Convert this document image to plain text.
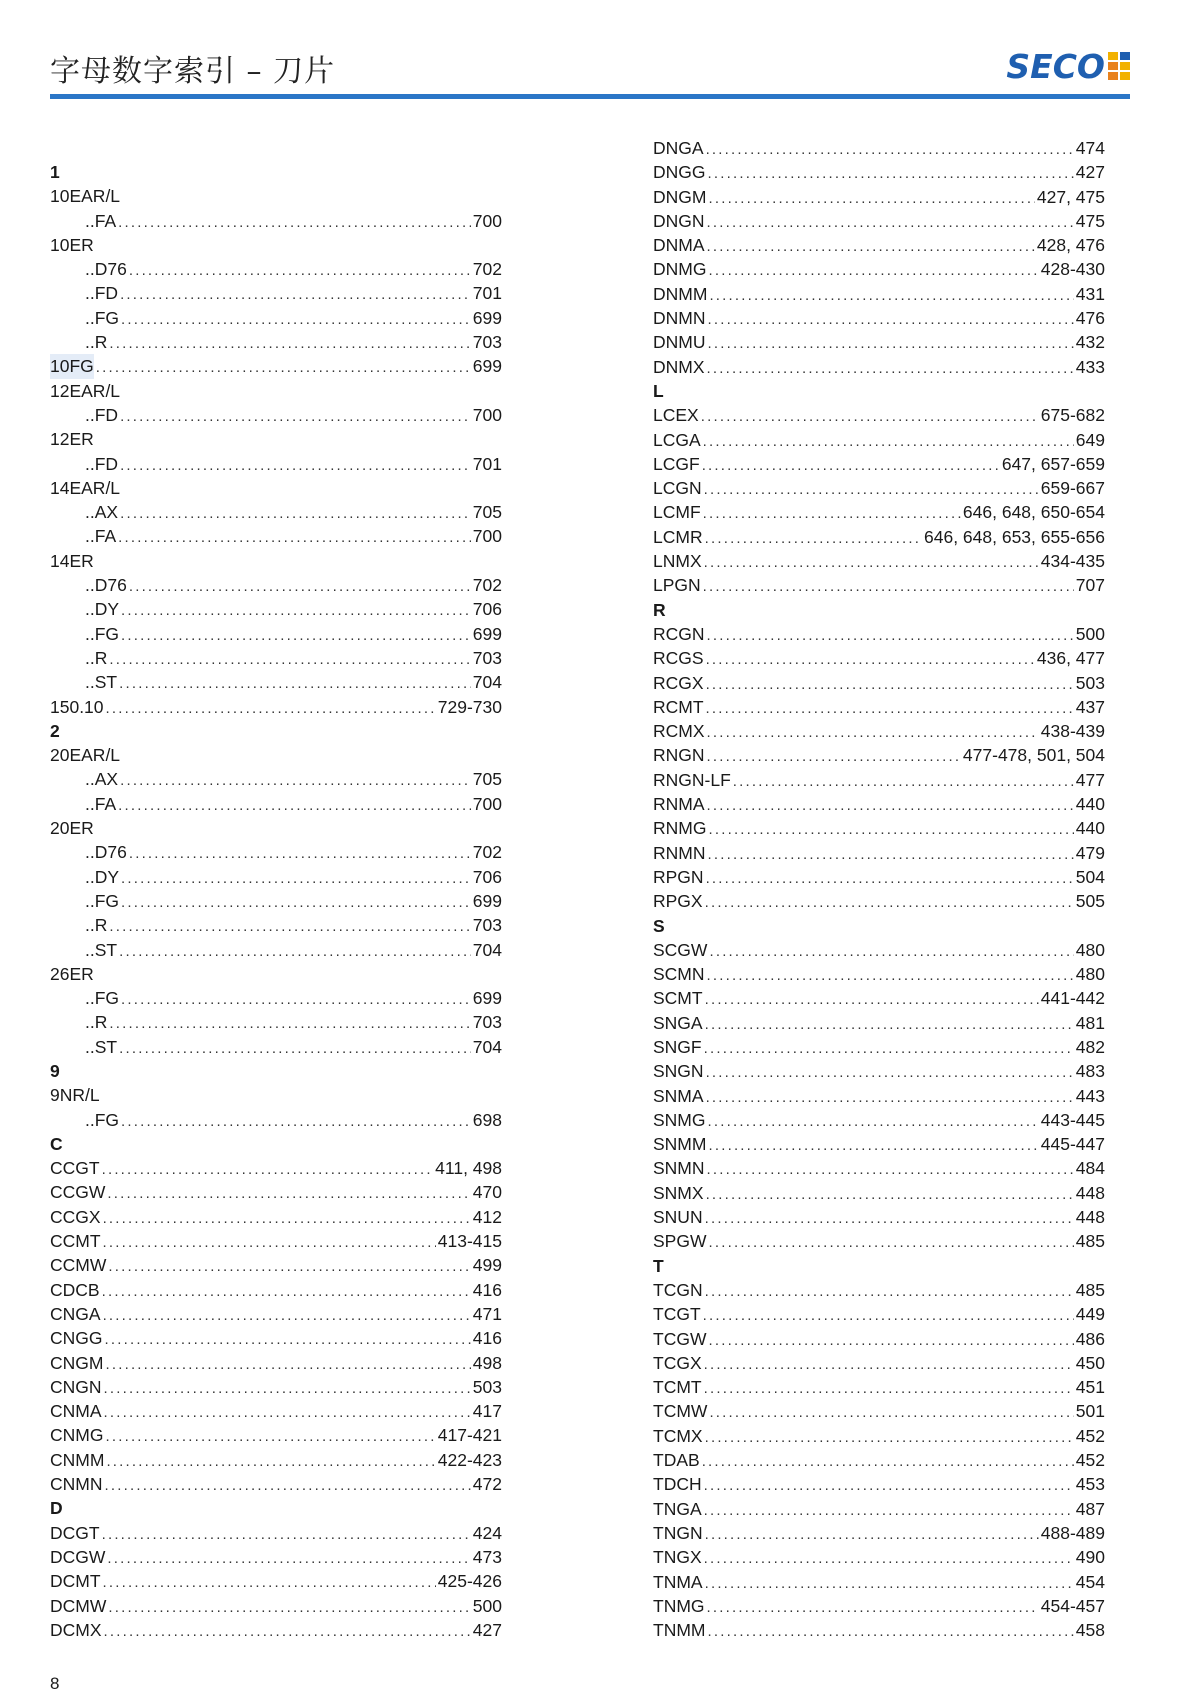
字母数字索引 – 刀片	SECO
1
10EAR/L
..FA .....	700
10ER
..D76 .....	702
..FD .....	701
..FG .....	699
..R .....	703
10FG .....	699
12EAR/L
..FD .....	700
12ER
..FD .....	701
14EAR/L
..AX .....	705
..FA .....	700
14ER
..D76 .....	702
..DY .....	706
..FG .....	699
..R .....	703
..ST .....	704
150.10 .....	729-730
2
20EAR/L
..AX .....	705
..FA .....	700
20ER
..D76 .....	702
..DY .....	706
..FG .....	699
..R .....	703
..ST .....	704
26ER
..FG .....	699
..R .....	703
..ST .....	704
9
9NR/L
..FG .....	698
C
CCGT .....	411, 498
CCGW .....	470
CCGX .....	412
CCMT .....	413-415
CCMW .....	499
CDCB .....	416
CNGA .....	471
CNGG .....	416
CNGM .....	498
CNGN .....	503
CNMA .....	417
CNMG .....	417-421
CNMM .....	422-423
CNMN .....	472
D
DCGT .....	424
DCGW .....	473
DCMT .....	425-426
DCMW .....	500
DCMX .....	427
DNGA .....	474
DNGG .....	427
DNGM .....	427, 475
DNGN .....	475
DNMA .....	428, 476
DNMG .....	428-430
DNMM .....	431
DNMN .....	476
DNMU .....	432
DNMX .....	433
L
LCEX .....	675-682
LCGA .....	649
LCGF .....	647, 657-659
LCGN .....	659-667
LCMF .....	646, 648, 650-654
LCMR .....	646, 648, 653, 655-656
LNMX .....	434-435
LPGN .....	707
R
RCGN .....	500
RCGS .....	436, 477
RCGX .....	503
RCMT .....	437
RCMX .....	438-439
RNGN .....	477-478, 501, 504
RNGN-LF .....	477
RNMA .....	440
RNMG .....	440
RNMN .....	479
RPGN .....	504
RPGX .....	505
S
SCGW .....	480
SCMN .....	480
SCMT .....	441-442
SNGA .....	481
SNGF .....	482
SNGN .....	483
SNMA .....	443
SNMG .....	443-445
SNMM .....	445-447
SNMN .....	484
SNMX .....	448
SNUN .....	448
SPGW .....	485
T
TCGN .....	485
TCGT .....	449
TCGW .....	486
TCGX .....	450
TCMT .....	451
TCMW .....	501
TCMX .....	452
TDAB .....	452
TDCH .....	453
TNGA .....	487
TNGN .....	488-489
TNGX .....	490
TNMA .....	454
TNMG .....	454-457
TNMM .....	458
8
